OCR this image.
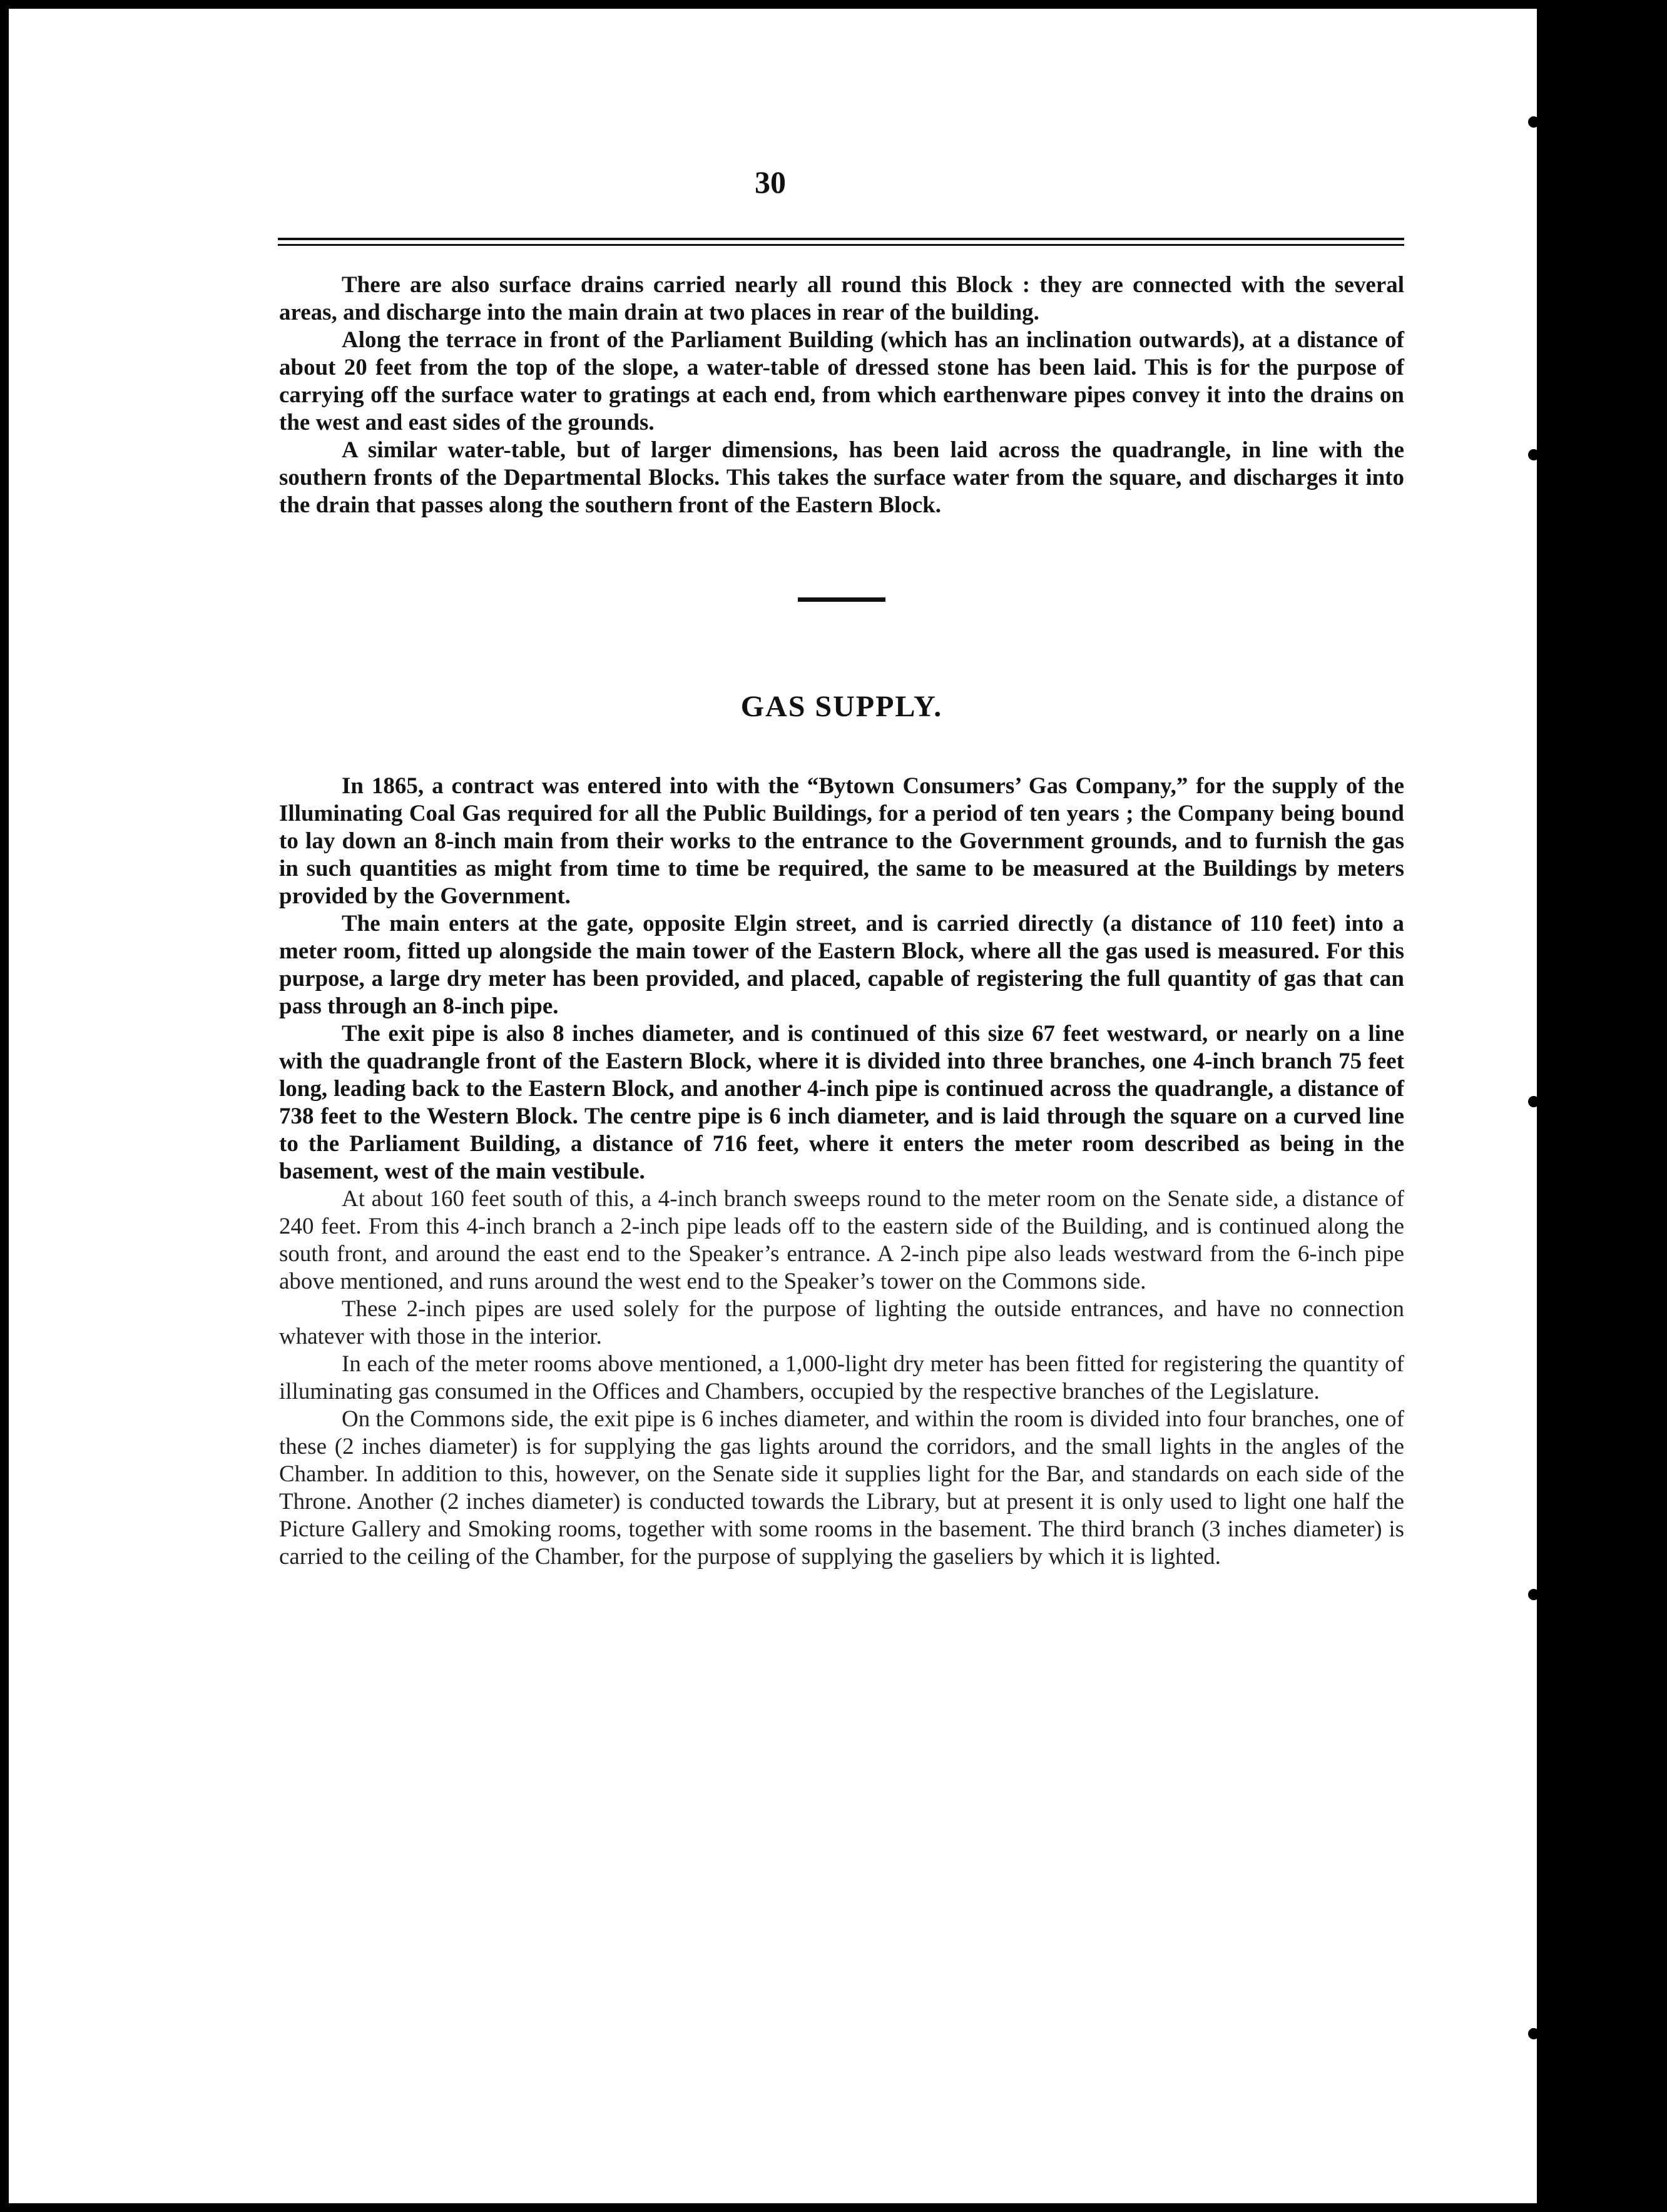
30

There are also surface drains carried nearly all round this Block : they are connected with the several areas, and discharge into the main drain at two places in rear of the building.

Along the terrace in front of the Parliament Building (which has an inclination outwards), at a distance of about 20 feet from the top of the slope, a water-table of dressed stone has been laid. This is for the purpose of carrying off the surface water to gratings at each end, from which earthenware pipes convey it into the drains on the west and east sides of the grounds.

A similar water-table, but of larger dimensions, has been laid across the quadrangle, in line with the southern fronts of the Departmental Blocks. This takes the surface water from the square, and discharges it into the drain that passes along the southern front of the Eastern Block.

GAS SUPPLY.

In 1865, a contract was entered into with the “Bytown Consumers’ Gas Company,” for the supply of the Illuminating Coal Gas required for all the Public Buildings, for a period of ten years ; the Company being bound to lay down an 8-inch main from their works to the entrance to the Government grounds, and to furnish the gas in such quantities as might from time to time be required, the same to be measured at the Buildings by meters provided by the Government.

The main enters at the gate, opposite Elgin street, and is carried directly (a distance of 110 feet) into a meter room, fitted up alongside the main tower of the Eastern Block, where all the gas used is measured. For this purpose, a large dry meter has been provided, and placed, capable of registering the full quantity of gas that can pass through an 8-inch pipe.

The exit pipe is also 8 inches diameter, and is continued of this size 67 feet westward, or nearly on a line with the quadrangle front of the Eastern Block, where it is divided into three branches, one 4-inch branch 75 feet long, leading back to the Eastern Block, and another 4-inch pipe is continued across the quadrangle, a distance of 738 feet to the Western Block. The centre pipe is 6 inch diameter, and is laid through the square on a curved line to the Parliament Building, a distance of 716 feet, where it enters the meter room described as being in the basement, west of the main vestibule.

At about 160 feet south of this, a 4-inch branch sweeps round to the meter room on the Senate side, a distance of 240 feet. From this 4-inch branch a 2-inch pipe leads off to the eastern side of the Building, and is continued along the south front, and around the east end to the Speaker’s entrance. A 2-inch pipe also leads westward from the 6-inch pipe above mentioned, and runs around the west end to the Speaker’s tower on the Commons side.

These 2-inch pipes are used solely for the purpose of lighting the outside entrances, and have no connection whatever with those in the interior.

In each of the meter rooms above mentioned, a 1,000-light dry meter has been fitted for registering the quantity of illuminating gas consumed in the Offices and Chambers, occupied by the respective branches of the Legislature.

On the Commons side, the exit pipe is 6 inches diameter, and within the room is divided into four branches, one of these (2 inches diameter) is for supplying the gas lights around the corridors, and the small lights in the angles of the Chamber. In addition to this, however, on the Senate side it supplies light for the Bar, and standards on each side of the Throne. Another (2 inches diameter) is conducted towards the Library, but at present it is only used to light one half the Picture Gallery and Smoking rooms, together with some rooms in the basement. The third branch (3 inches diameter) is carried to the ceiling of the Chamber, for the purpose of supplying the gaseliers by which it is lighted.
